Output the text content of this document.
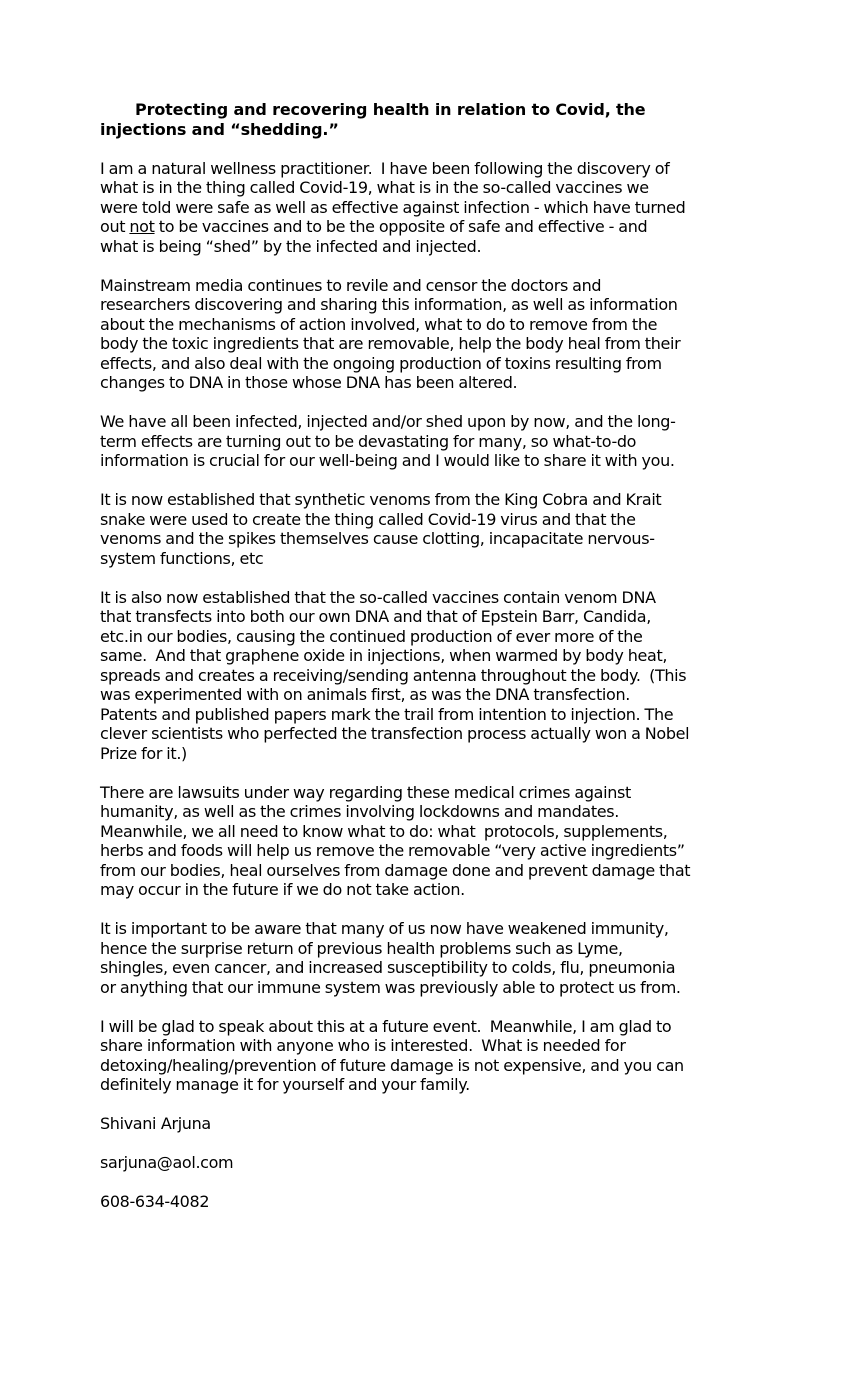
Protecting and recovering health in relation to Covid, the
injections and “shedding.”
I am a natural wellness practitioner.  I have been following the discovery of
what is in the thing called Covid-19, what is in the so-called vaccines we
were told were safe as well as effective against infection - which have turned
out not to be vaccines and to be the opposite of safe and effective - and
what is being “shed” by the infected and injected.
Mainstream media continues to revile and censor the doctors and
researchers discovering and sharing this information, as well as information
about the mechanisms of action involved, what to do to remove from the
body the toxic ingredients that are removable, help the body heal from their
effects, and also deal with the ongoing production of toxins resulting from
changes to DNA in those whose DNA has been altered.
We have all been infected, injected and/or shed upon by now, and the long-
term effects are turning out to be devastating for many, so what-to-do
information is crucial for our well-being and I would like to share it with you.
It is now established that synthetic venoms from the King Cobra and Krait
snake were used to create the thing called Covid-19 virus and that the
venoms and the spikes themselves cause clotting, incapacitate nervous-
system functions, etc
It is also now established that the so-called vaccines contain venom DNA
that transfects into both our own DNA and that of Epstein Barr, Candida,
etc.in our bodies, causing the continued production of ever more of the
same.  And that graphene oxide in injections, when warmed by body heat,
spreads and creates a receiving/sending antenna throughout the body.  (This
was experimented with on animals first, as was the DNA transfection.
Patents and published papers mark the trail from intention to injection. The
clever scientists who perfected the transfection process actually won a Nobel
Prize for it.)
There are lawsuits under way regarding these medical crimes against
humanity, as well as the crimes involving lockdowns and mandates.
Meanwhile, we all need to know what to do: what  protocols, supplements,
herbs and foods will help us remove the removable “very active ingredients”
from our bodies, heal ourselves from damage done and prevent damage that
may occur in the future if we do not take action.
It is important to be aware that many of us now have weakened immunity,
hence the surprise return of previous health problems such as Lyme,
shingles, even cancer, and increased susceptibility to colds, flu, pneumonia
or anything that our immune system was previously able to protect us from.
I will be glad to speak about this at a future event.  Meanwhile, I am glad to
share information with anyone who is interested.  What is needed for
detoxing/healing/prevention of future damage is not expensive, and you can
definitely manage it for yourself and your family.
Shivani Arjuna
sarjuna@aol.com
608-634-4082
